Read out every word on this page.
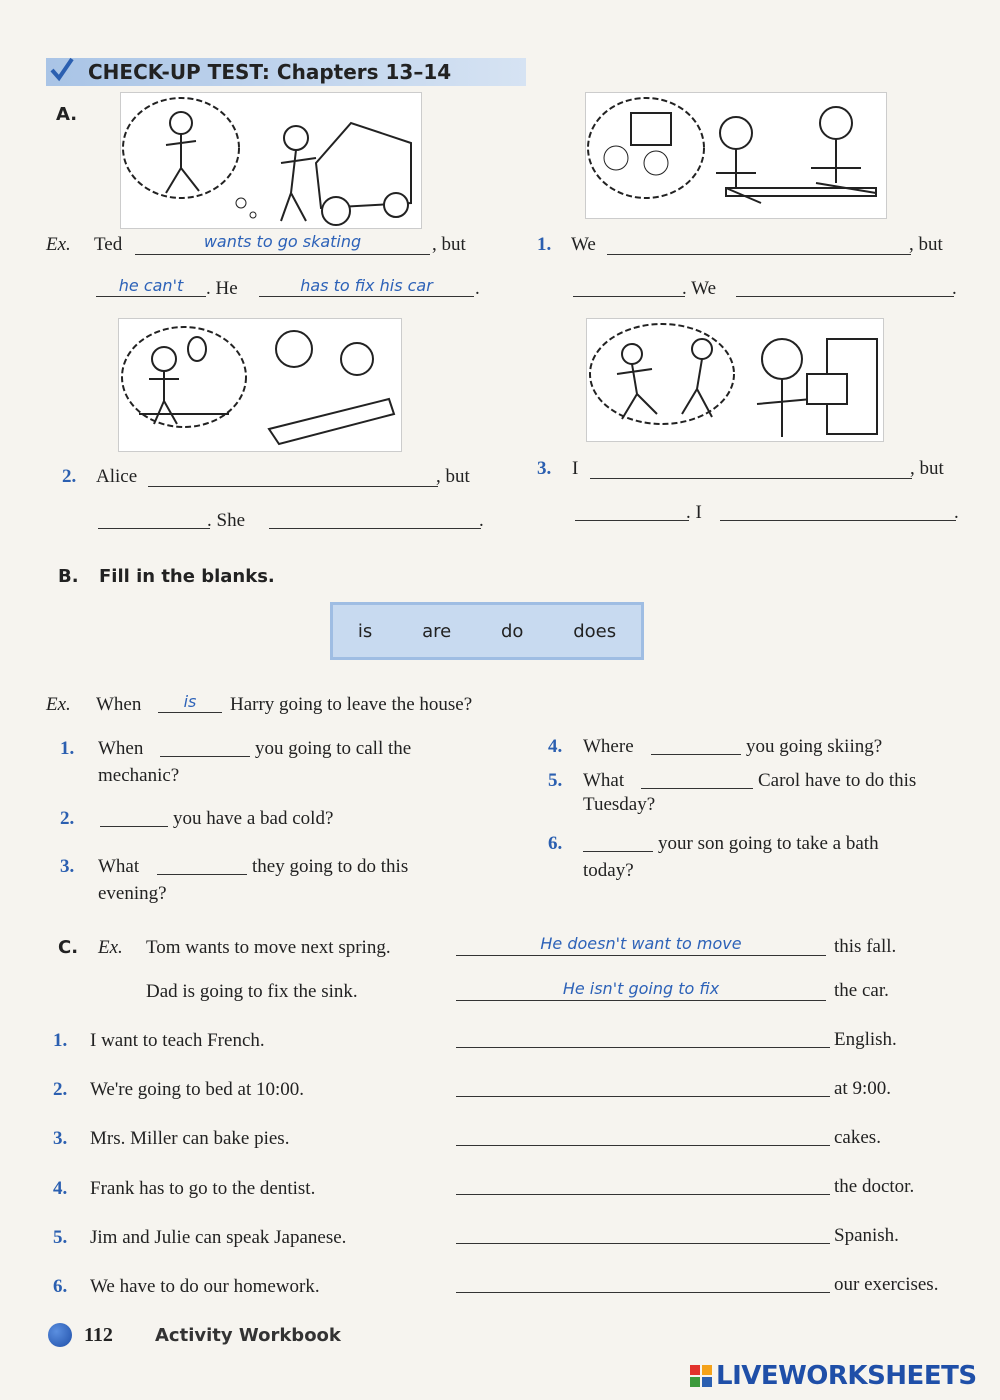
CHECK-UP TEST: Chapters 13–14
A.
Ex. Ted	wants to go skating	, but
he can't	. He	has to fix his car	.
1. We	, but
. We	.
2. Alice	, but
. She	.
3. I	, but
. I	.
B. Fill in the blanks.
is	are	do	does
Ex. When	is	Harry going to leave the house?
1. When	you going to call the
mechanic?
2.	you have a bad cold?
3. What	they going to do this
evening?
4. Where	you going skiing?
5. What	Carol have to do this
Tuesday?
6.	your son going to take a bath
today?
C. Ex. Tom wants to move next spring.	He doesn't want to move	this fall.
Dad is going to fix the sink.	He isn't going to fix	the car.
1. I want to teach French.	English.
2. We're going to bed at 10:00.	at 9:00.
3. Mrs. Miller can bake pies.	cakes.
4. Frank has to go to the dentist.	the doctor.
5. Jim and Julie can speak Japanese.	Spanish.
6. We have to do our homework.	our exercises.
112 Activity Workbook
LIVEWORKSHEETS
